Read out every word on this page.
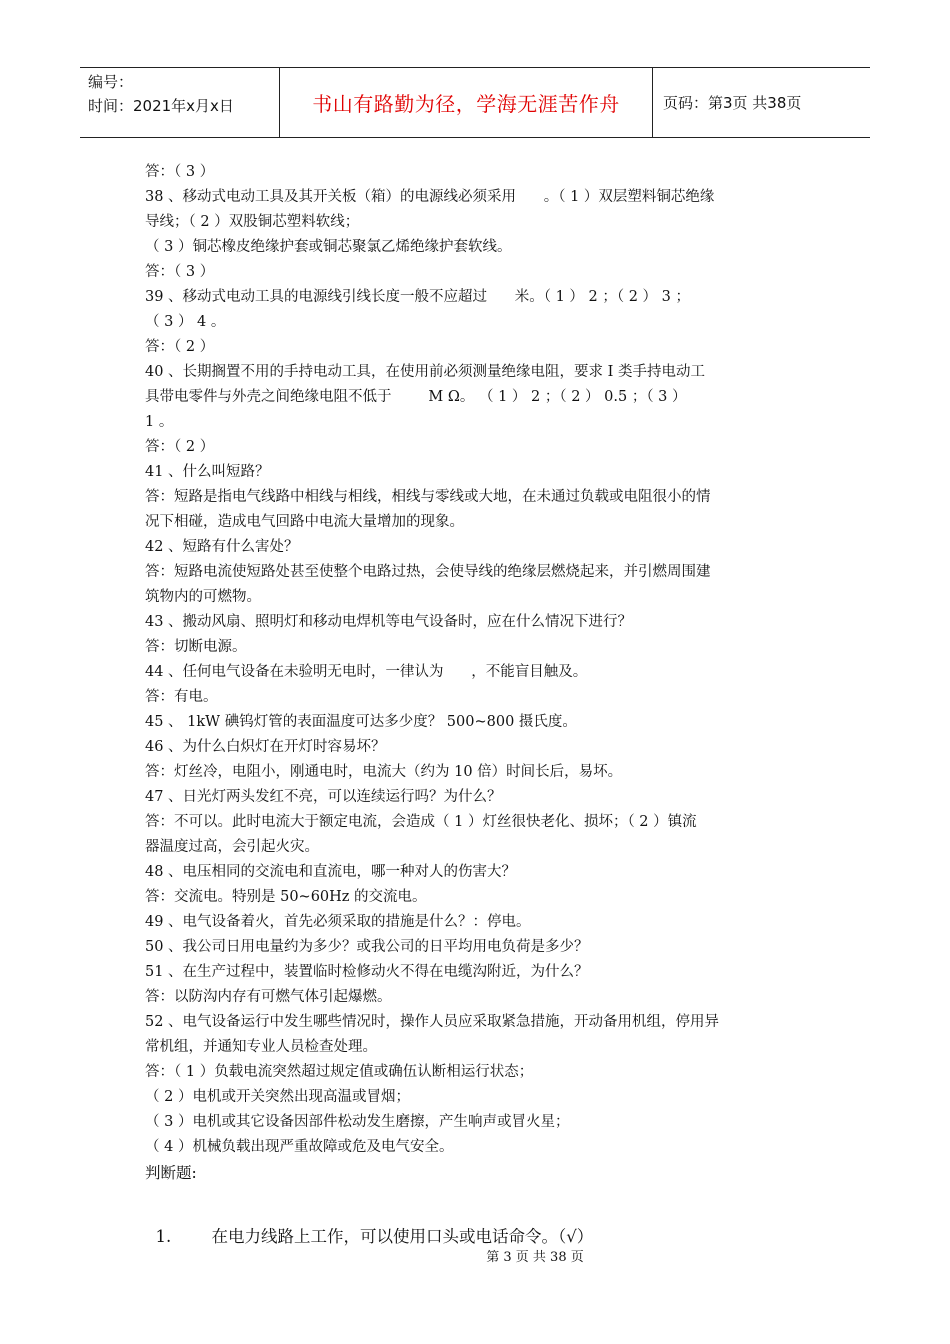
编号：
时间：2021年x月x日	书山有路勤为径，学海无涯苦作舟	页码：第3页 共38页
答：（ 3 ）
38 、移动式电动工具及其开关板（箱）的电源线必须采用      。（ 1 ）双层塑料铜芯绝缘
导线；（ 2 ）双股铜芯塑料软线；
（ 3 ）铜芯橡皮绝缘护套或铜芯聚氯乙烯绝缘护套软线。
答：（ 3 ）
39 、移动式电动工具的电源线引线长度一般不应超过      米。（ 1 ） 2 ；（ 2 ） 3 ；
（ 3 ） 4 。
答：（ 2 ）
40 、长期搁置不用的手持电动工具，在使用前必须测量绝缘电阻，要求 I 类手持电动工
具带电零件与外壳之间绝缘电阻不低于        M Ω。 （ 1 ） 2 ；（ 2 ） 0.5 ；（ 3 ）
1 。
答：（ 2 ）
41 、什么叫短路？
答：短路是指电气线路中相线与相线，相线与零线或大地，在未通过负载或电阻很小的情
况下相碰，造成电气回路中电流大量增加的现象。
42 、短路有什么害处？
答：短路电流使短路处甚至使整个电路过热，会使导线的绝缘层燃烧起来，并引燃周围建
筑物内的可燃物。
43 、搬动风扇、照明灯和移动电焊机等电气设备时，应在什么情况下进行？
答：切断电源。
44 、任何电气设备在未验明无电时，一律认为      ，不能盲目触及。
答：有电。
45 、 1kW 碘钨灯管的表面温度可达多少度？ 500~800 摄氏度。
46 、为什么白炽灯在开灯时容易坏？
答：灯丝冷，电阻小，刚通电时，电流大（约为 10 倍）时间长后，易坏。
47 、日光灯两头发红不亮，可以连续运行吗？为什么？
答：不可以。此时电流大于额定电流，会造成（ 1 ）灯丝很快老化、损坏；（ 2 ）镇流
器温度过高，会引起火灾。
48 、电压相同的交流电和直流电，哪一种对人的伤害大？
答：交流电。特别是 50~60Hz 的交流电。
49 、电气设备着火，首先必须采取的措施是什么？：停电。
50 、我公司日用电量约为多少？或我公司的日平均用电负荷是多少？
51 、在生产过程中，装置临时检修动火不得在电缆沟附近，为什么？
答：以防沟内存有可燃气体引起爆燃。
52 、电气设备运行中发生哪些情况时，操作人员应采取紧急措施，开动备用机组，停用异
常机组，并通知专业人员检查处理。
答：（ 1 ）负载电流突然超过规定值或确伍认断相运行状态；
（ 2 ）电机或开关突然出现高温或冒烟；
（ 3 ）电机或其它设备因部件松动发生磨擦，产生响声或冒火星；
（ 4 ）机械负载出现严重故障或危及电气安全。
判断题:

1. 在电力线路上工作，可以使用口头或电话命令。（√）

第 3 页 共 38 页
